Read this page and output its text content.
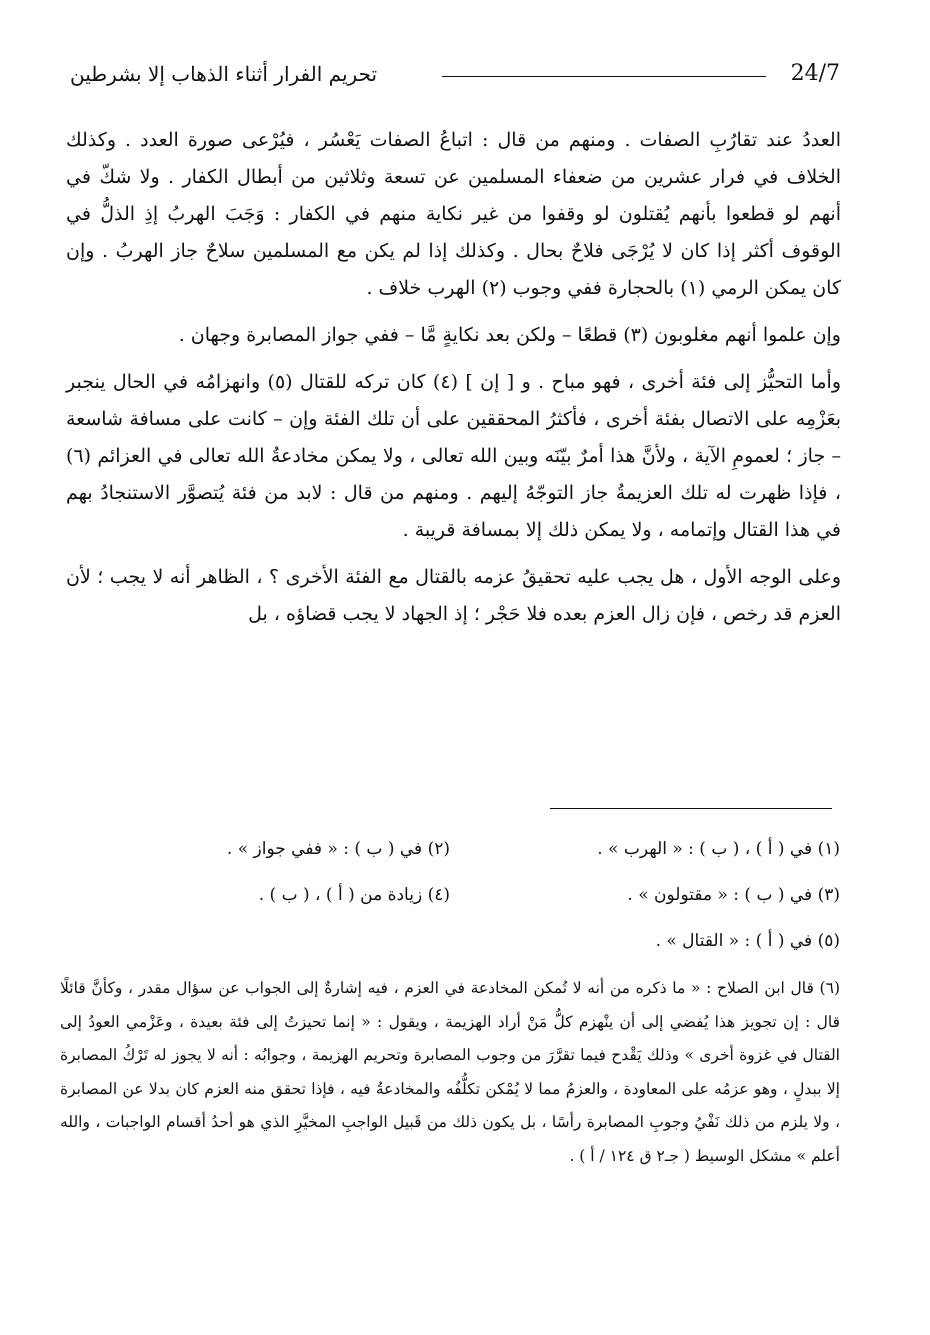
24/7
تحريم الفرار أثناء الذهاب إلا بشرطين

العددُ عند تقارُبِ الصفات . ومنهم من قال : اتباعُ الصفات يَعْسُر ، فيُرْعى صورة العدد . وكذلك الخلاف في فرار عشرين من ضعفاء المسلمين عن تسعة وثلاثين من أبطال الكفار . ولا شكّ في أنهم لو قطعوا بأنهم يُقتلون لو وقفوا من غير نكاية منهم في الكفار : وَجَبَ الهربُ إذِ الذلُّ في الوقوف أكثر إذا كان لا يُرْجَى فلاحٌ بحال . وكذلك إذا لم يكن مع المسلمين سلاحٌ جاز الهربُ . وإن كان يمكن الرمي (١) بالحجارة ففي وجوب (٢) الهرب خلاف .

وإن علموا أنهم مغلوبون (٣) قطعًا – ولكن بعد نكايةٍ مَّا – ففي جواز المصابرة وجهان .

وأما التحيُّز إلى فئة أخرى ، فهو مباح . و [ إن ] (٤) كان تركه للقتال (٥) وانهزامُه في الحال ينجبر بعَزْمِه على الاتصال بفئة أخرى ، فأكثرُ المحققين على أن تلك الفئة وإن – كانت على مسافة شاسعة – جاز ؛ لعمومِ الآية ، ولأنَّ هذا أمرٌ بيّنَه وبين الله تعالى ، ولا يمكن مخادعةُ الله تعالى في العزائم (٦) ، فإذا ظهرت له تلك العزيمةُ جاز التوجّهُ إليهم . ومنهم من قال : لابد من فئة يُتصوَّر الاستنجادُ بهم في هذا القتال وإتمامه ، ولا يمكن ذلك إلا بمسافة قريبة .

وعلى الوجه الأول ، هل يجب عليه تحقيقُ عزمه بالقتال مع الفئة الأخرى ؟ ، الظاهر أنه لا يجب ؛ لأن العزم قد رخص ، فإن زال العزم بعده فلا حَجْر ؛ إذ الجهاد لا يجب قضاؤه ، بل

(١) في ( أ ) ، ( ب ) : « الهرب » .
(٢) في ( ب ) : « ففي جواز » .
(٣) في ( ب ) : « مقتولون » .
(٤) زيادة من ( أ ) ، ( ب ) .
(٥) في ( أ ) : « القتال » .

(٦) قال ابن الصلاح : « ما ذكره من أنه لا تُمكن المخادعة في العزم ، فيه إشارةٌ إلى الجواب عن سؤال مقدر ، وكأنَّ قائلًا قال : إن تجويز هذا يُفضي إلى أن ينْهزم كلُّ مَنْ أراد الهزيمة ، ويقول : « إنما تحيزتُ إلى فئة بعيدة ، وعَزْمي العودُ إلى القتال في غزوة أخرى » وذلك يَقْدح فيما تقرَّرَ من وجوب المصابرة وتحريم الهزيمة ، وجوابُه : أنه لا يجوز له تَرْكُ المصابرة إلا ببدلٍ ، وهو عزمُه على المعاودة ، والعزمُ مما لا يُمْكن تكلُّفُه والمخادعةُ فيه ، فإذا تحقق منه العزم كان بدلا عن المصابرة ، ولا يلزم من ذلك نَفْيُ وجوبِ المصابرة رأسًا ، بل يكون ذلك من قَبيل الواجبِ المخيَّرِ الذي هو أحدُ أقسام الواجبات ، والله أعلم » مشكل الوسيط ( جـ٢ ق ١٢٤ / أ ) .
